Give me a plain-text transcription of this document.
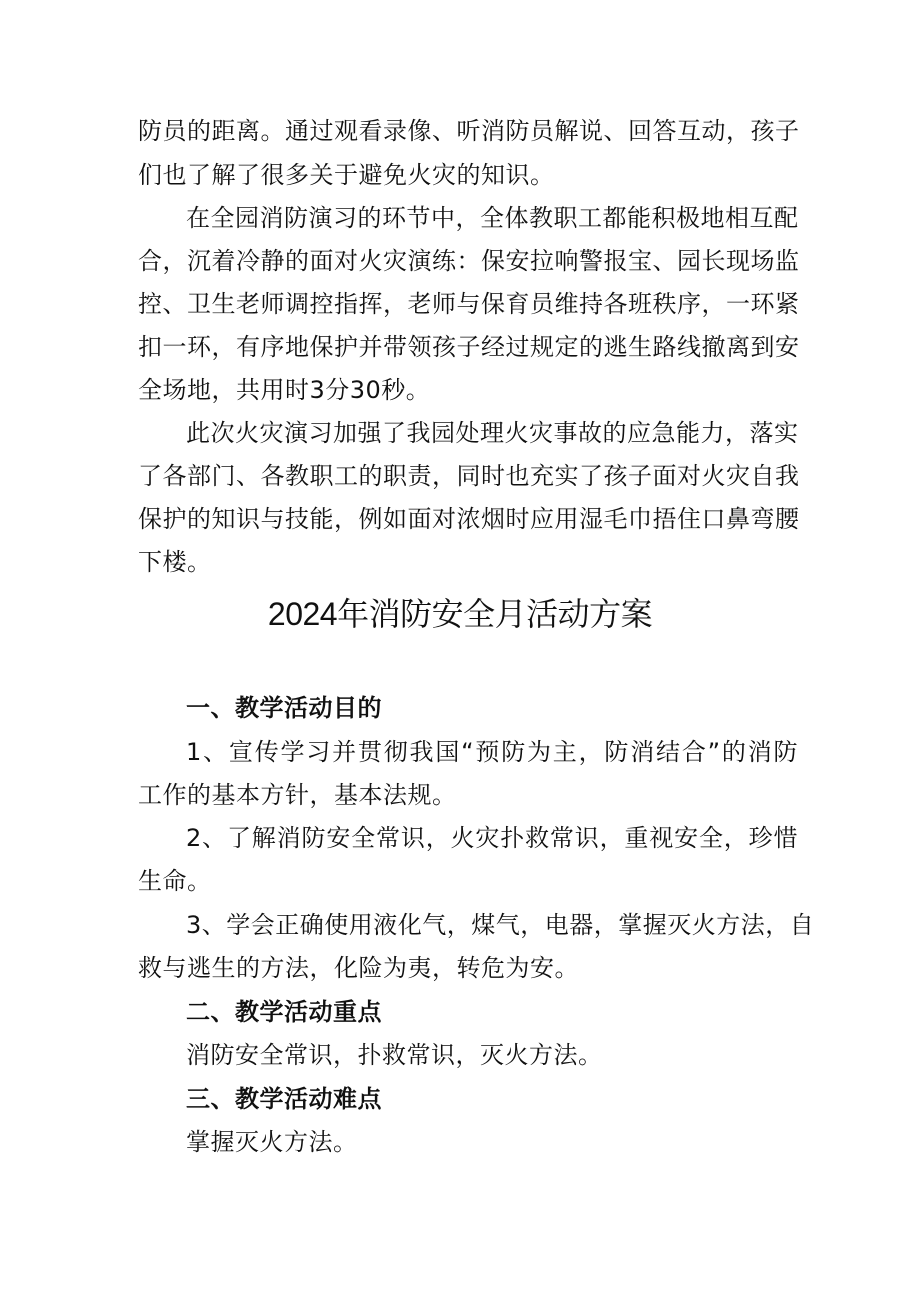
防员的距离。通过观看录像、听消防员解说、回答互动，孩子
们也了解了很多关于避免火灾的知识。
在全园消防演习的环节中，全体教职工都能积极地相互配
合，沉着冷静的面对火灾演练：保安拉响警报宝、园长现场监
控、卫生老师调控指挥，老师与保育员维持各班秩序，一环紧
扣一环，有序地保护并带领孩子经过规定的逃生路线撤离到安
全场地，共用时3分30秒。
此次火灾演习加强了我园处理火灾事故的应急能力，落实
了各部门、各教职工的职责，同时也充实了孩子面对火灾自我
保护的知识与技能，例如面对浓烟时应用湿毛巾捂住口鼻弯腰
下楼。
2024年消防安全月活动方案
一、教学活动目的
1、宣传学习并贯彻我国“预防为主，防消结合”的消防
工作的基本方针，基本法规。
2、了解消防安全常识，火灾扑救常识，重视安全，珍惜
生命。
3、学会正确使用液化气，煤气，电器，掌握灭火方法，自
救与逃生的方法，化险为夷，转危为安。
二、教学活动重点
消防安全常识，扑救常识，灭火方法。
三、教学活动难点
掌握灭火方法。
